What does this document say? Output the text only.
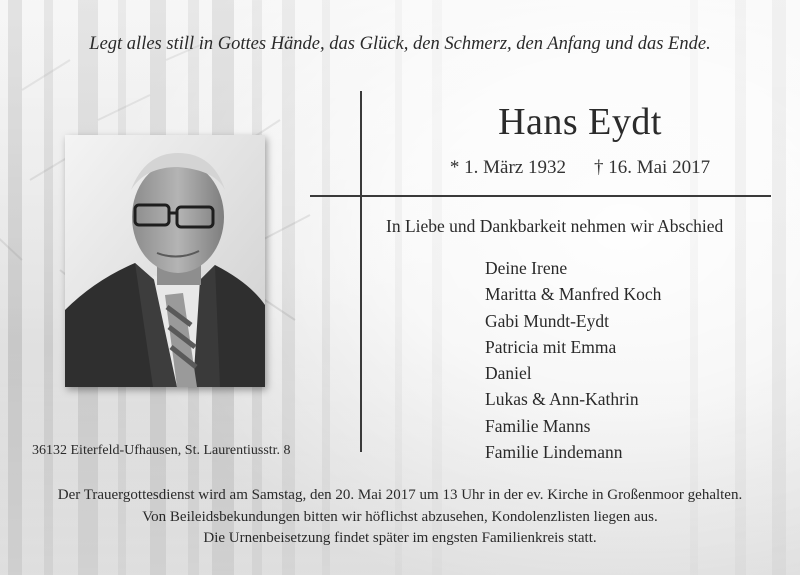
Legt alles still in Gottes Hände, das Glück, den Schmerz, den Anfang und das Ende.
Hans Eydt
* 1. März 1932 † 16. Mai 2017
In Liebe und Dankbarkeit nehmen wir Abschied
Deine Irene
Maritta & Manfred Koch
Gabi Mundt-Eydt
Patricia mit Emma
Daniel
Lukas & Ann-Kathrin
Familie Manns
Familie Lindemann
36132 Eiterfeld-Ufhausen, St. Laurentiusstr. 8
Der Trauergottesdienst wird am Samstag, den 20. Mai 2017 um 13 Uhr in der ev. Kirche in Großenmoor gehalten.
Von Beileidsbekundungen bitten wir höflichst abzusehen, Kondolenzlisten liegen aus.
Die Urnenbeisetzung findet später im engsten Familienkreis statt.
